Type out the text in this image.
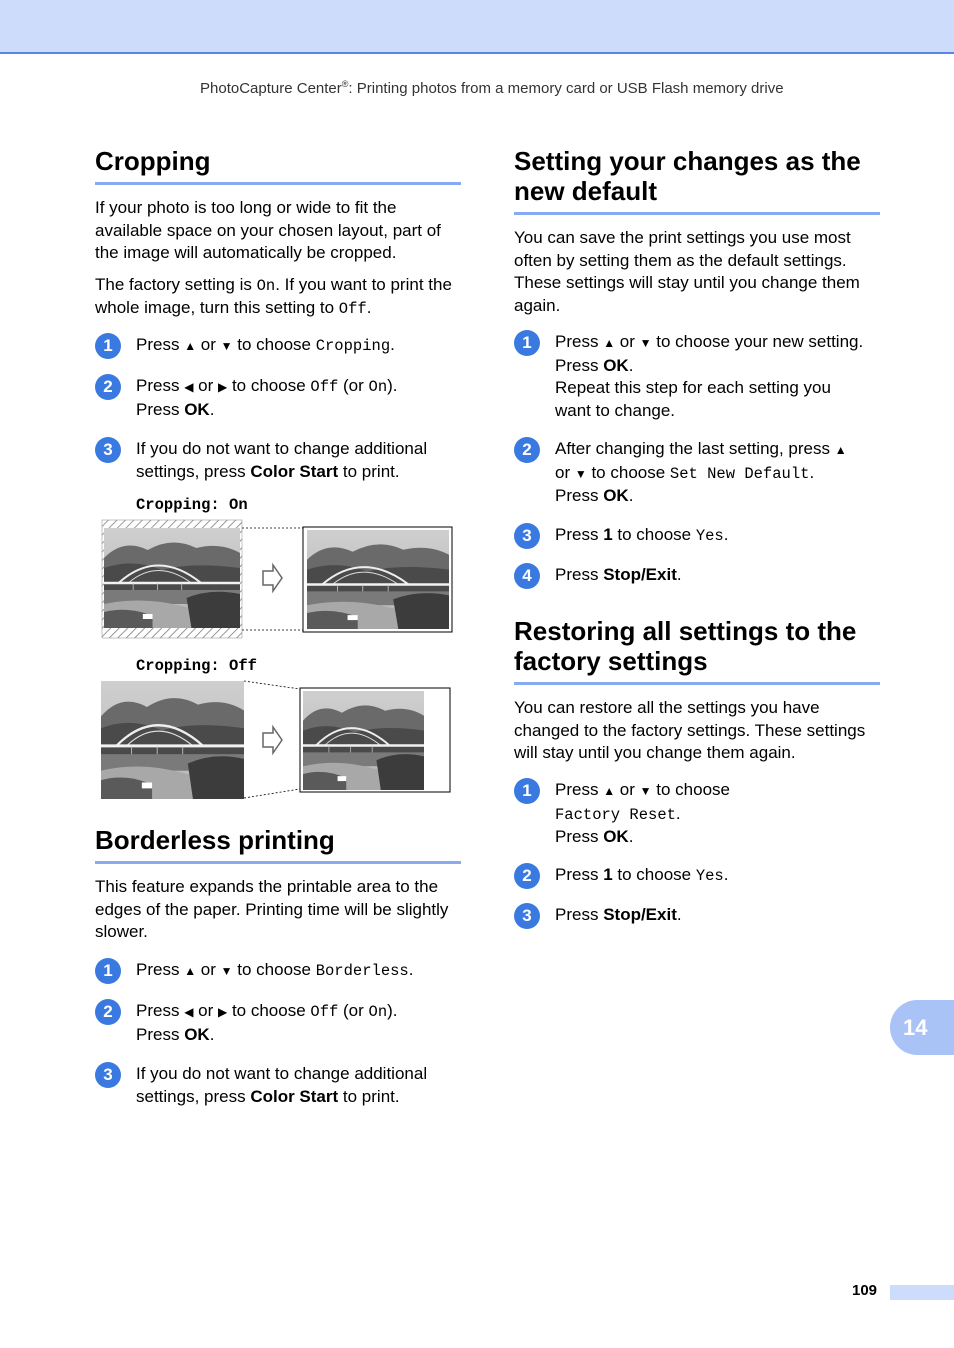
PhotoCapture Center®: Printing photos from a memory card or USB Flash memory drive
Cropping

If your photo is too long or wide to fit the available space on your chosen layout, part of the image will automatically be cropped.

The factory setting is On. If you want to print the whole image, turn this setting to Off.

1	Press ▲ or ▼ to choose Cropping.
2	Press ◀ or ▶ to choose Off (or On).
Press OK.
3	If you do not want to change additional
settings, press Color Start to print.
Cropping: On
Cropping: Off
Borderless printing

This feature expands the printable area to the edges of the paper. Printing time will be slightly slower.

1	Press ▲ or ▼ to choose Borderless.
2	Press ◀ or ▶ to choose Off (or On).
Press OK.
3	If you do not want to change additional
settings, press Color Start to print.
Setting your changes as the
new default

You can save the print settings you use most often by setting them as the default settings. These settings will stay until you change them again.

1	Press ▲ or ▼ to choose your new setting.
Press OK.
Repeat this step for each setting you
want to change.
2	After changing the last setting, press ▲
or ▼ to choose Set New Default.
Press OK.
3	Press 1 to choose Yes.
4	Press Stop/Exit.
Restoring all settings to the
factory settings

You can restore all the settings you have changed to the factory settings. These settings will stay until you change them again.

1	Press ▲ or ▼ to choose
Factory Reset.
Press OK.
2	Press 1 to choose Yes.
3	Press Stop/Exit.
14
109
